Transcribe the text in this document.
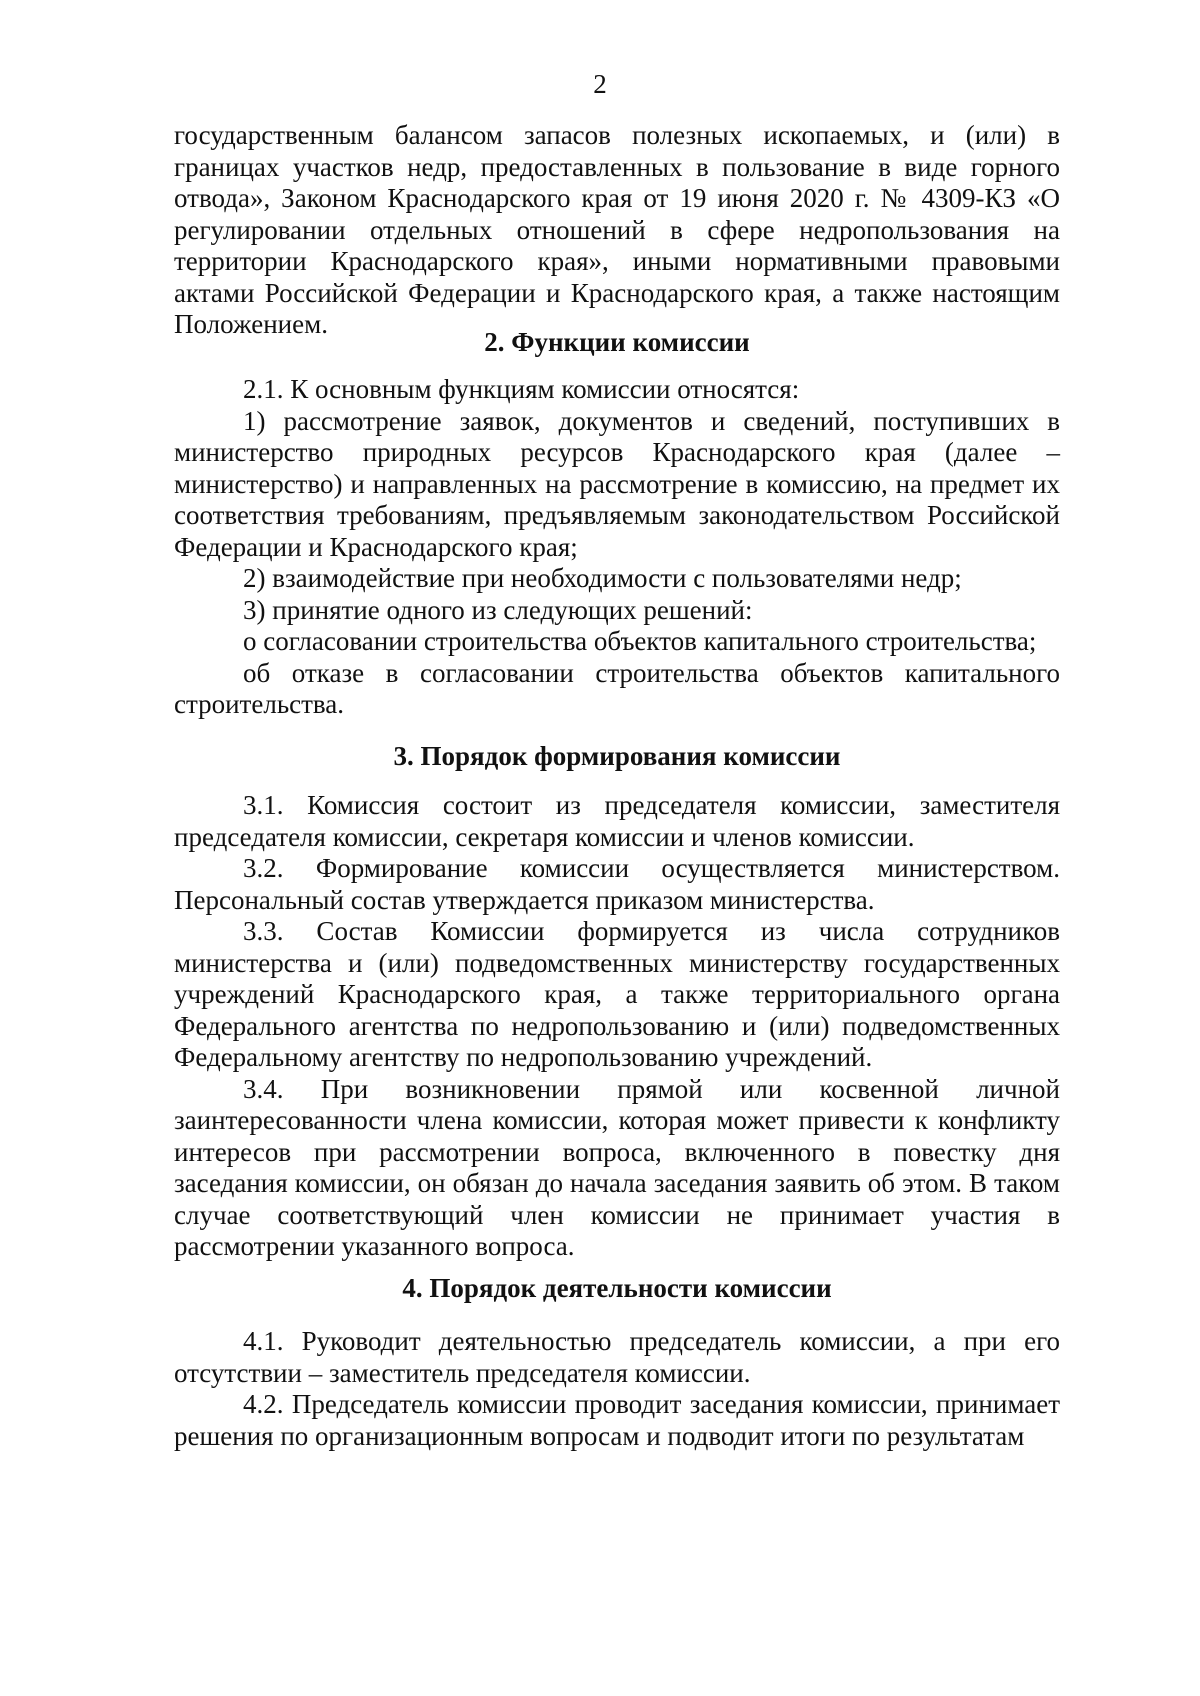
2

государственным балансом запасов полезных ископаемых, и (или) в границах участков недр, предоставленных в пользование в виде горного отвода», Законом Краснодарского края от 19 июня 2020 г. № 4309-КЗ «О регулировании отдельных отношений в сфере недропользования на территории Краснодарского края», иными нормативными правовыми актами Российской Федерации и Краснодарского края, а также настоящим Положением.

2. Функции комиссии

2.1. К основным функциям комиссии относятся:

1) рассмотрение заявок, документов и сведений, поступивших в министерство природных ресурсов Краснодарского края (далее – министерство) и направленных на рассмотрение в комиссию, на предмет их соответствия требованиям, предъявляемым законодательством Российской Федерации и Краснодарского края;

2) взаимодействие при необходимости с пользователями недр;

3) принятие одного из следующих решений:

о согласовании строительства объектов капитального строительства;

об отказе в согласовании строительства объектов капитального строительства.

3. Порядок формирования комиссии

3.1. Комиссия состоит из председателя комиссии, заместителя председателя комиссии, секретаря комиссии и членов комиссии.

3.2. Формирование комиссии осуществляется министерством. Персональный состав утверждается приказом министерства.

3.3. Состав Комиссии формируется из числа сотрудников министерства и (или) подведомственных министерству государственных учреждений Краснодарского края, а также территориального органа Федерального агентства по недропользованию и (или) подведомственных Федеральному агентству по недропользованию учреждений.

3.4. При возникновении прямой или косвенной личной заинтересованности члена комиссии, которая может привести к конфликту интересов при рассмотрении вопроса, включенного в повестку дня заседания комиссии, он обязан до начала заседания заявить об этом. В таком случае соответствующий член комиссии не принимает участия в рассмотрении указанного вопроса.

4. Порядок деятельности комиссии

4.1. Руководит деятельностью председатель комиссии, а при его отсутствии – заместитель председателя комиссии.

4.2. Председатель комиссии проводит заседания комиссии, принимает решения по организационным вопросам и подводит итоги по результатам
